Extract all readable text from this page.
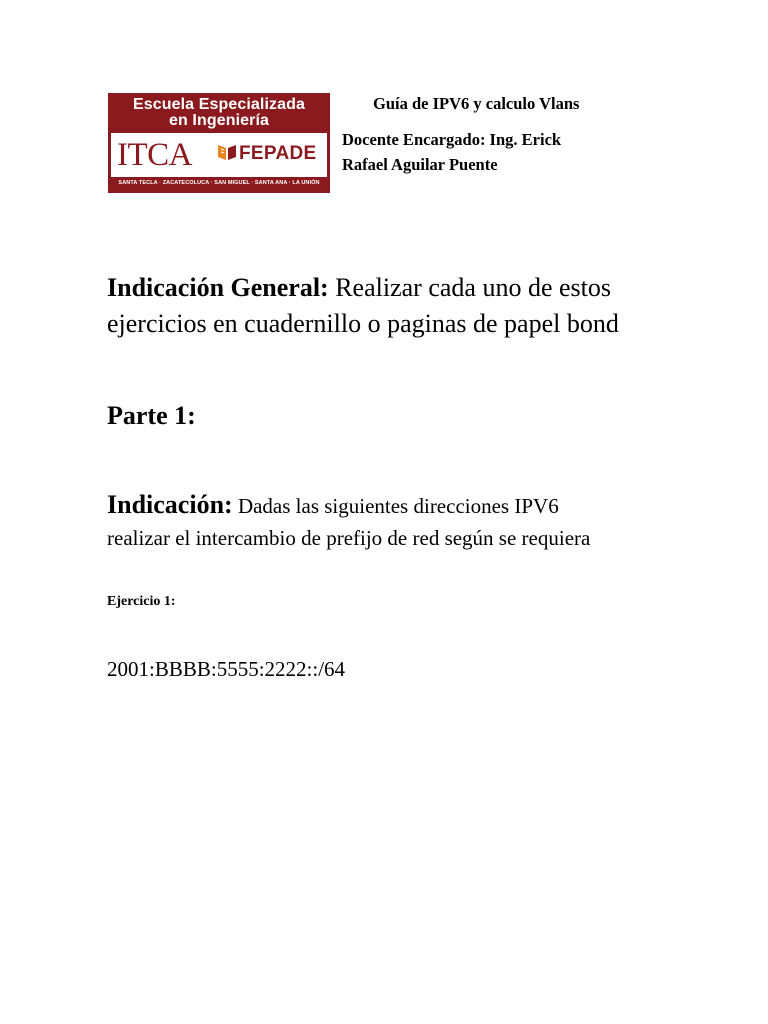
Escuela Especializada
en Ingeniería
ITCA FEPADE
SANTA TECLA · ZACATECOLUCA · SAN MIGUEL · SANTA ANA · LA UNIÓN
Guía de IPV6 y calculo Vlans
Docente Encargado: Ing. Erick
Rafael Aguilar Puente
Indicación General: Realizar cada uno de estos
ejercicios en cuadernillo o paginas de papel bond
Parte 1:
Indicación: Dadas las siguientes direcciones IPV6
realizar el intercambio de prefijo de red según se requiera
Ejercicio 1:
2001:BBBB:5555:2222::/64
